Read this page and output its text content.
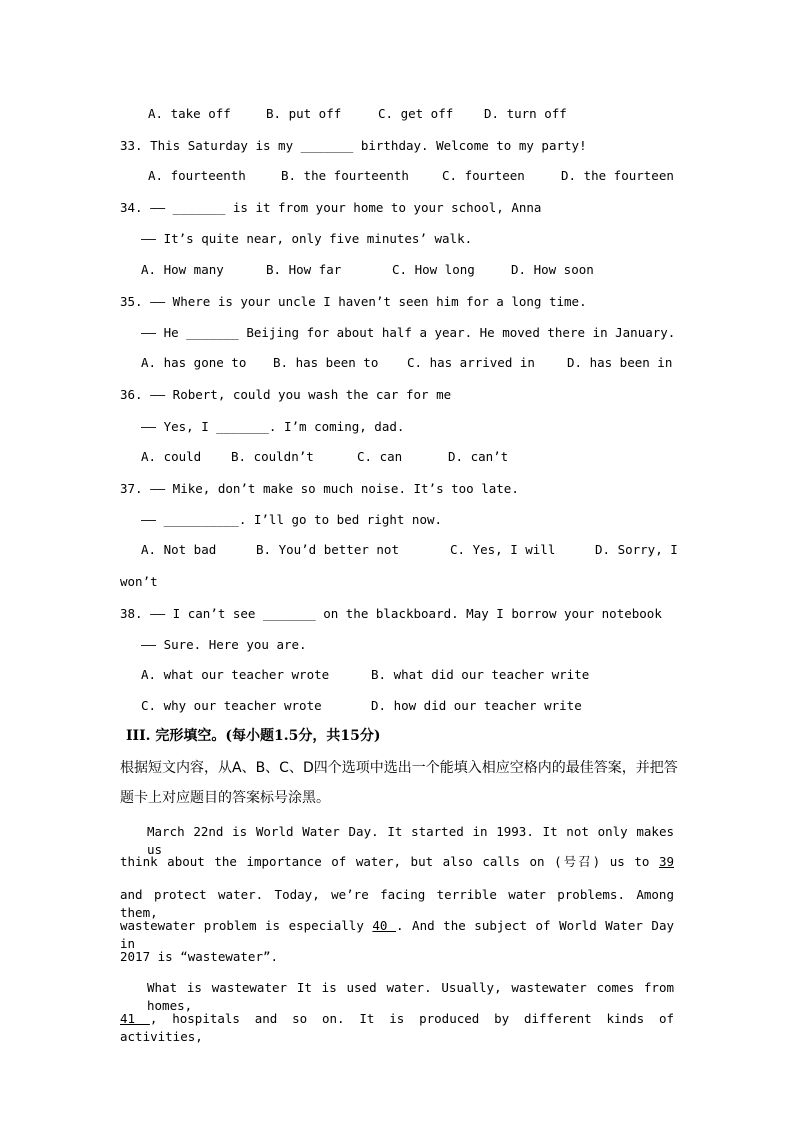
A. take off	B. put off	C. get off D. turn off
33. This Saturday is my _______ birthday. Welcome to my party!
A. fourteenth	B. the fourteenth	C. fourteen	D. the fourteen
34. —— _______ is it from your home to your school, Anna
—— It’s quite near, only five minutes’ walk.
A. How many	B. How far	C. How long	D. How soon
35. —— Where is your uncle I haven’t seen him for a long time.
—— He _______ Beijing for about half a year. He moved there in January.
A. has gone to B. has been to C. has arrived in	D. has been in
36. —— Robert, could you wash the car for me
—— Yes, I _______. I’m coming, dad.
A. could B. couldn’t	C. can	D. can’t
37. —— Mike, don’t make so much noise. It’s too late.
—— __________. I’ll go to bed right now.
A. Not bad	B. You’d better not	C. Yes, I will	D. Sorry, I
won’t
38. —— I can’t see _______ on the blackboard. May I borrow your notebook
—— Sure. Here you are.
A. what our teacher wrote	B. what did our teacher write
C. why our teacher wrote	D. how did our teacher write
III. 完形填空。(每小题1.5分，共15分)
根据短文内容，从A、B、C、D四个选项中选出一个能填入相应空格内的最佳答案，并把答
题卡上对应题目的答案标号涂黑。
March 22nd is World Water Day. It started in 1993. It not only makes us
think about the importance of water, but also calls on (号召) us to 39
and protect water. Today, we’re facing terrible water problems. Among them,
wastewater problem is especially 40 . And the subject of World Water Day in
2017 is “wastewater”.
What is wastewater It is used water. Usually, wastewater comes from homes,
41 , hospitals and so on. It is produced by different kinds of activities,
